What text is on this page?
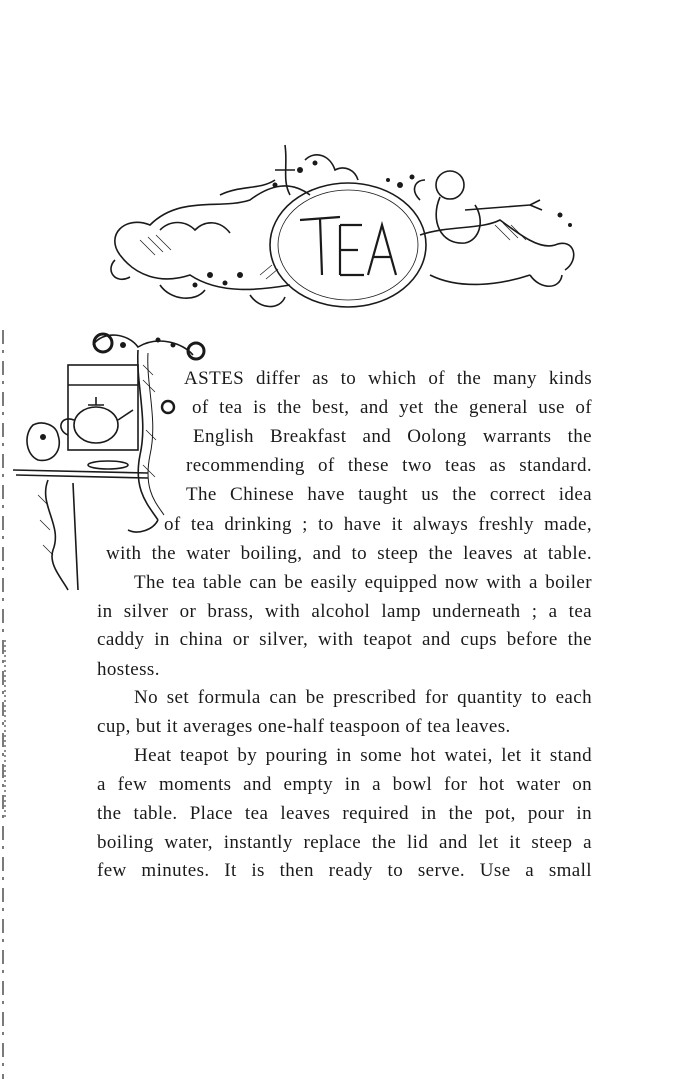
ASTES differ as to which of the many kinds
of tea is the best, and yet the general use of
English Breakfast and Oolong warrants the
recommending of these two teas as standard.
The Chinese have taught us the correct idea
of tea drinking ; to have it always freshly made,
with the water boiling, and to steep the leaves at table.
The tea table can be easily equipped now with a boiler
in silver or brass, with alcohol lamp underneath ; a tea
caddy in china or silver, with teapot and cups before the
hostess.
No set formula can be prescribed for quantity to each
cup, but it averages one-half teaspoon of tea leaves.
Heat teapot by pouring in some hot watei, let it stand
a few moments and empty in a bowl for hot water on
the table. Place tea leaves required in the pot, pour in
boiling water, instantly replace the lid and let it steep a
few minutes. It is then ready to serve. Use a small
